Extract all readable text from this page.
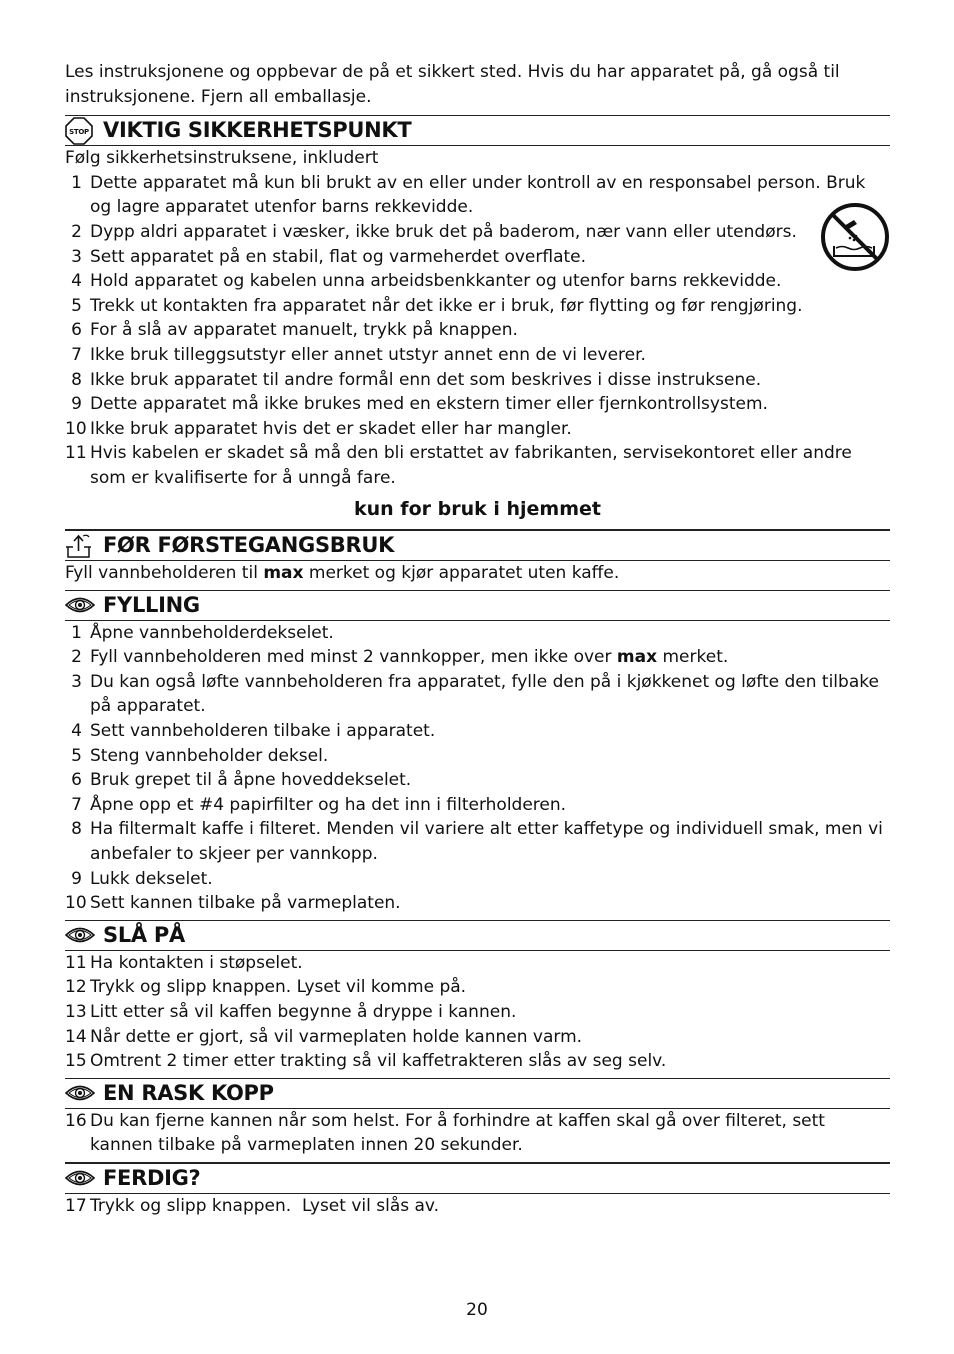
Les instruksjonene og oppbevar de på et sikkert sted. Hvis du har apparatet på, gå også til instruksjonene. Fjern all emballasje.

STOP VIKTIG SIKKERHETSPUNKT

Følg sikkerhetsinstruksene, inkludert

1 Dette apparatet må kun bli brukt av en eller under kontroll av en responsabel person. Bruk og lagre apparatet utenfor barns rekkevidde.
2 Dypp aldri apparatet i væsker, ikke bruk det på baderom, nær vann eller utendørs.
3 Sett apparatet på en stabil, flat og varmeherdet overflate.
4 Hold apparatet og kabelen unna arbeidsbenkkanter og utenfor barns rekkevidde.
5 Trekk ut kontakten fra apparatet når det ikke er i bruk, før flytting og før rengjøring.
6 For å slå av apparatet manuelt, trykk på knappen.
7 Ikke bruk tilleggsutstyr eller annet utstyr annet enn de vi leverer.
8 Ikke bruk apparatet til andre formål enn det som beskrives i disse instruksene.
9 Dette apparatet må ikke brukes med en ekstern timer eller fjernkontrollsystem.
10 Ikke bruk apparatet hvis det er skadet eller har mangler.
11 Hvis kabelen er skadet så må den bli erstattet av fabrikanten, servisekontoret eller andre som er kvalifiserte for å unngå fare.

kun for bruk i hjemmet

FØR FØRSTEGANGSBRUK

Fyll vannbeholderen til max merket og kjør apparatet uten kaffe.

FYLLING
1 Åpne vannbeholderdekselet.
2 Fyll vannbeholderen med minst 2 vannkopper, men ikke over max merket.
3 Du kan også løfte vannbeholderen fra apparatet, fylle den på i kjøkkenet og løfte den tilbake på apparatet.
4 Sett vannbeholderen tilbake i apparatet.
5 Steng vannbeholder deksel.
6 Bruk grepet til å åpne hoveddekselet.
7 Åpne opp et #4 papirfilter og ha det inn i filterholderen.
8 Ha filtermalt kaffe i filteret. Menden vil variere alt etter kaffetype og individuell smak, men vi anbefaler to skjeer per vannkopp.
9 Lukk dekselet.
10 Sett kannen tilbake på varmeplaten.
SLÅ PÅ
11 Ha kontakten i støpselet.
12 Trykk og slipp knappen. Lyset vil komme på.
13 Litt etter så vil kaffen begynne å dryppe i kannen.
14 Når dette er gjort, så vil varmeplaten holde kannen varm.
15 Omtrent 2 timer etter trakting så vil kaffetrakteren slås av seg selv.
EN RASK KOPP
16 Du kan fjerne kannen når som helst. For å forhindre at kaffen skal gå over filteret, sett kannen tilbake på varmeplaten innen 20 sekunder.
FERDIG?
17 Trykk og slipp knappen.  Lyset vil slås av.
20
